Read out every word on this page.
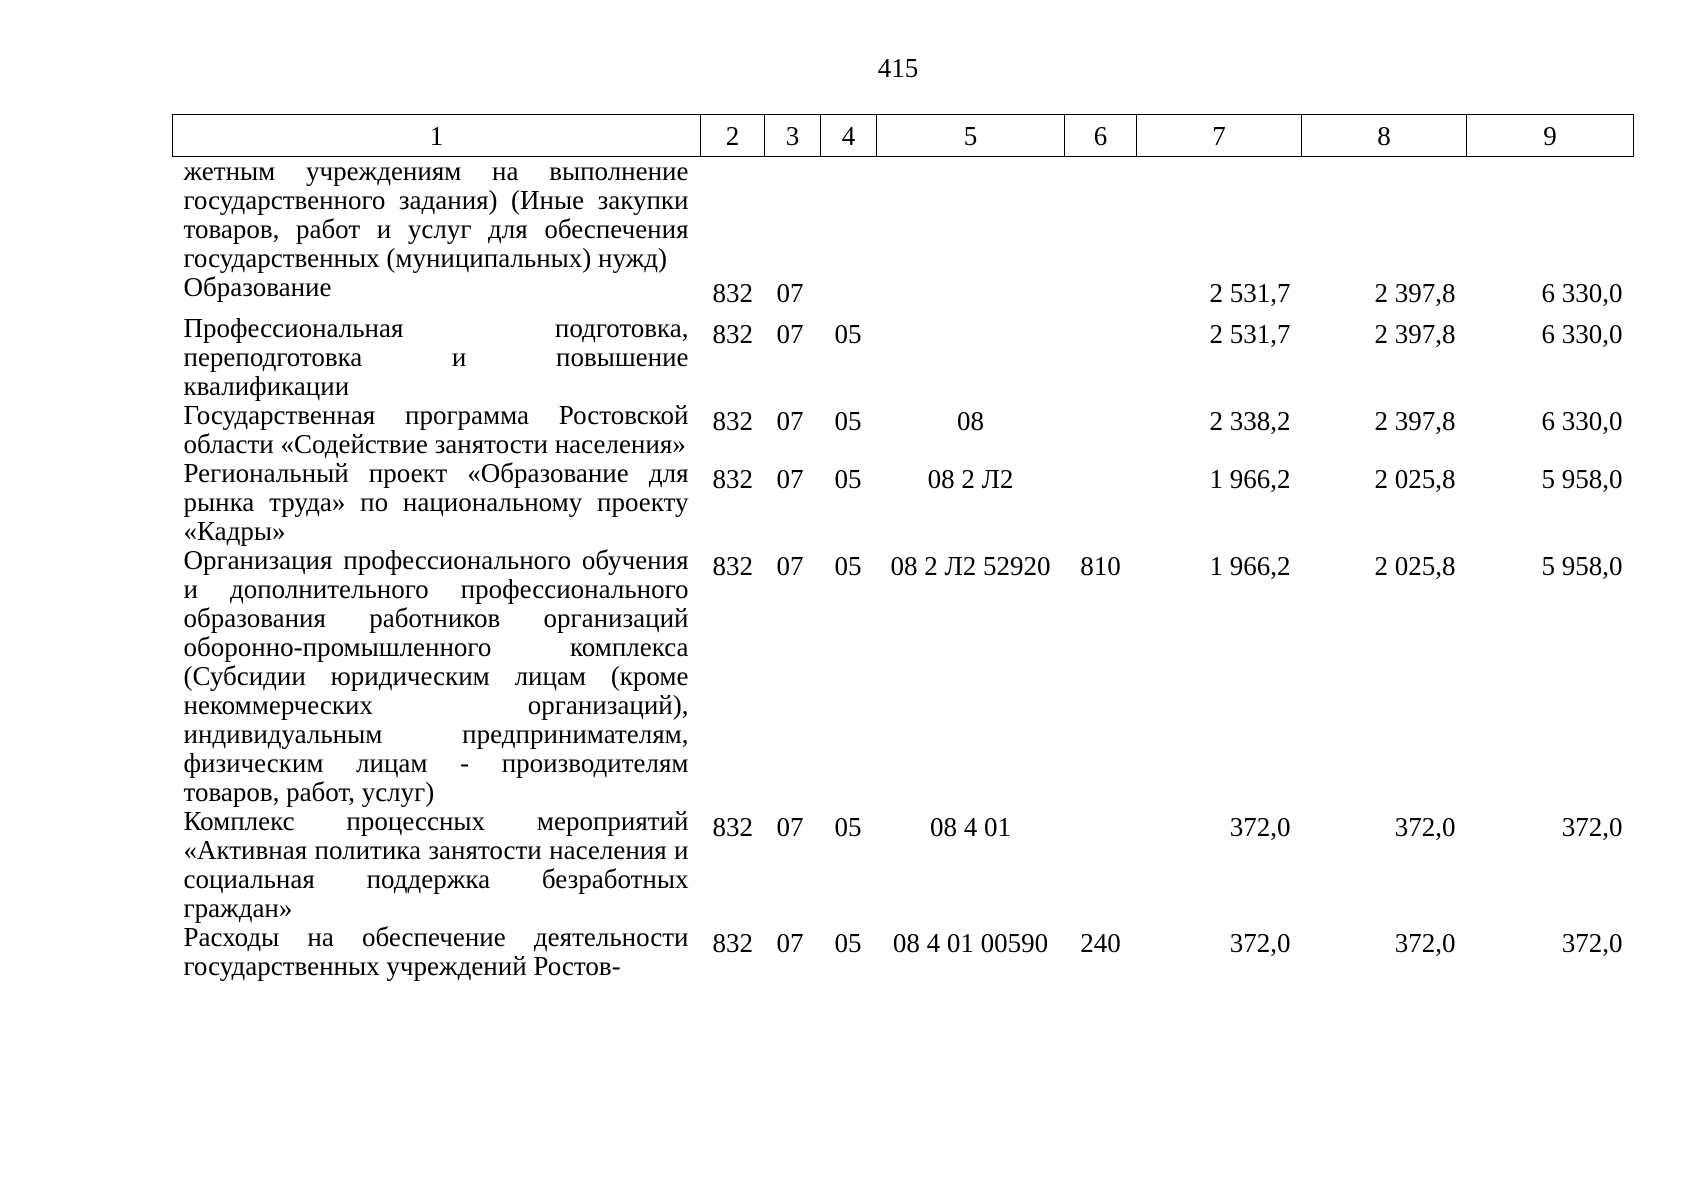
415
1	2	3	4	5	6	7	8	9
жетным учреждениям на выполнение государственного задания) (Иные закупки товаров, работ и услуг для обеспечения государственных (муниципальных) нужд)								
Образование	832	07				2 531,7	2 397,8	6 330,0
Профессиональная подготовка, переподготовка и повышение квалификации	832	07	05			2 531,7	2 397,8	6 330,0
Государственная программа Ростовской области «Содействие занятости населения»	832	07	05	08		2 338,2	2 397,8	6 330,0
Региональный проект «Образование для рынка труда» по национальному проекту «Кадры»	832	07	05	08 2 Л2		1 966,2	2 025,8	5 958,0
Организация профессионального обучения и дополнительного профессионального образования работников организаций оборонно-промышленного комплекса (Субсидии юридическим лицам (кроме некоммерческих организаций), индивидуальным предпринимателям, физическим лицам - производителям товаров, работ, услуг)	832	07	05	08 2 Л2 52920	810	1 966,2	2 025,8	5 958,0
Комплекс процессных мероприятий «Активная политика занятости населения и социальная поддержка безработных граждан»	832	07	05	08 4 01		372,0	372,0	372,0
Расходы на обеспечение деятельности государственных учреждений Ростов-	832	07	05	08 4 01 00590	240	372,0	372,0	372,0
